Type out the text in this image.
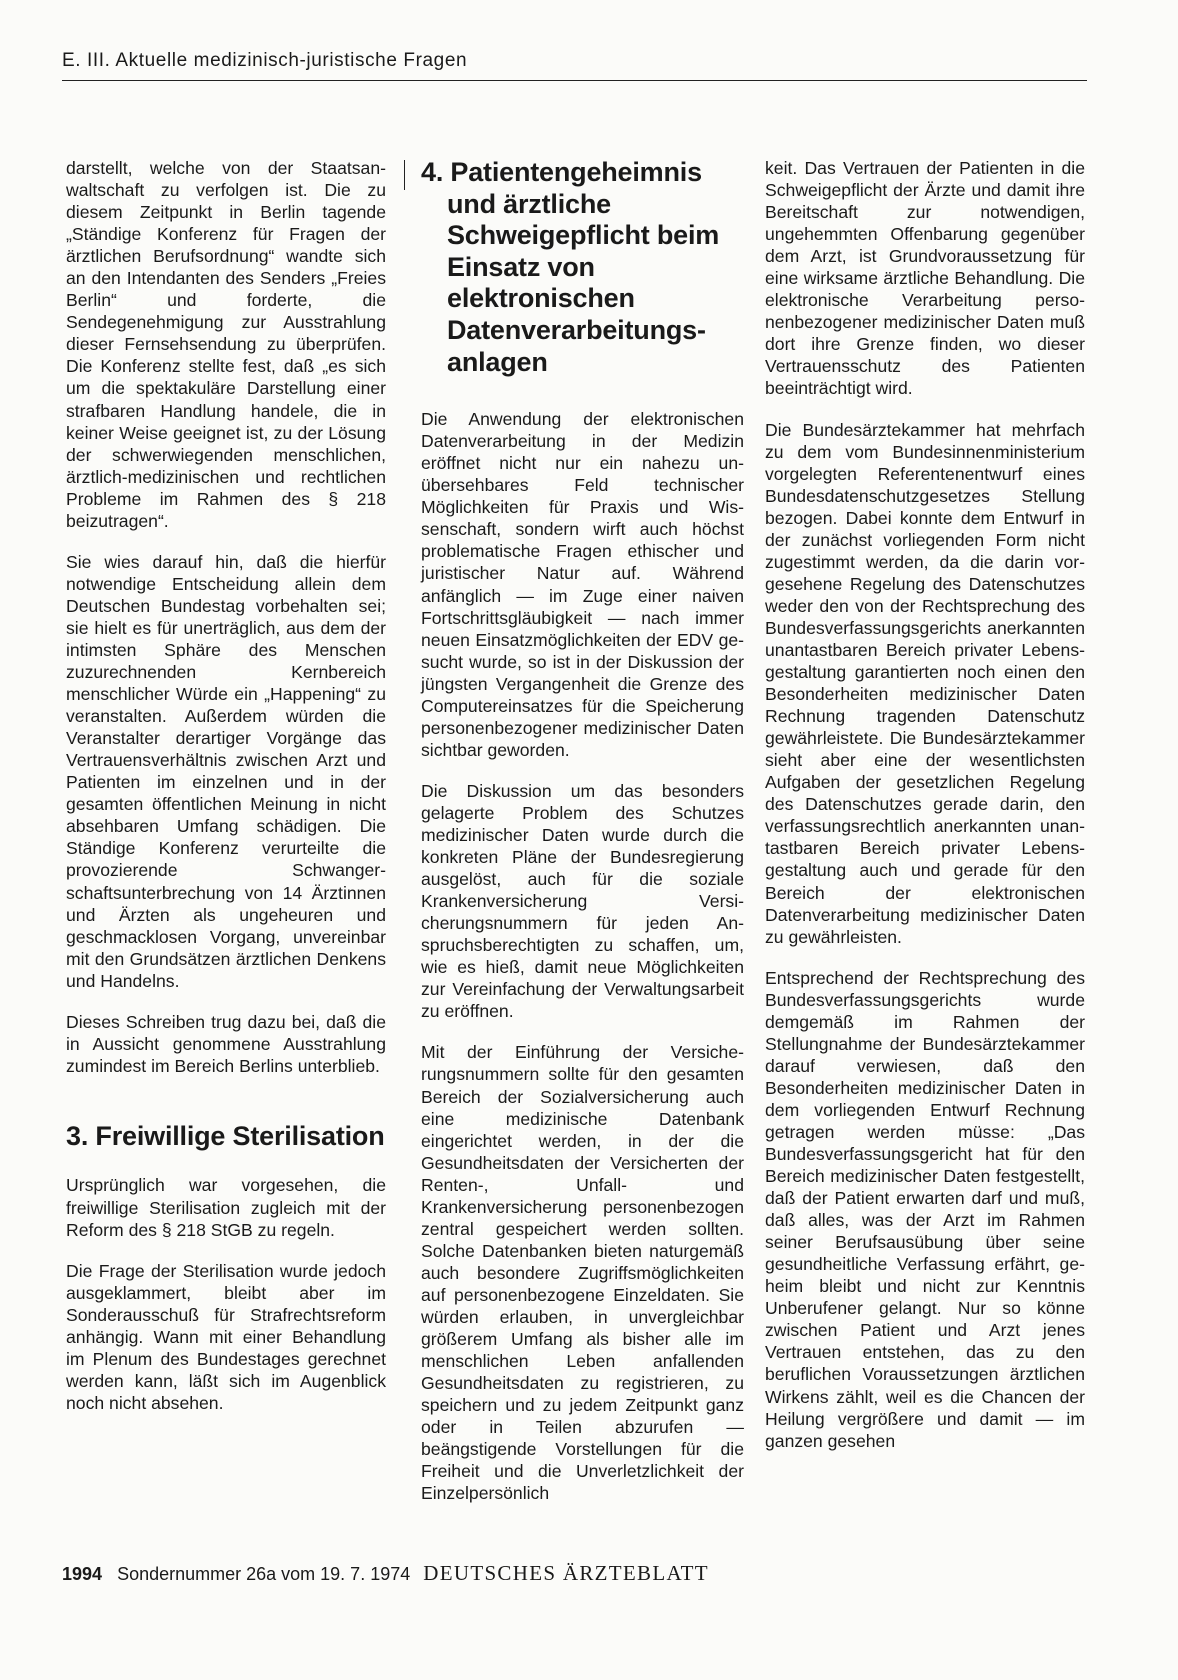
E. III. Aktuelle medizinisch-juristische Fragen

darstellt, welche von der Staatsanwaltschaft zu verfolgen ist. Die zu diesem Zeitpunkt in Berlin tagende „Ständige Konferenz für Fragen der ärztlichen Berufsordnung“ wandte sich an den Intendanten des Senders „Freies Berlin“ und forderte, die Sendegenehmigung zur Ausstrahlung dieser Fernsehsendung zu überprüfen. Die Konferenz stellte fest, daß „es sich um die spektakuläre Darstellung einer strafbaren Handlung handele, die in keiner Weise geeignet ist, zu der Lösung der schwerwiegenden menschlichen, ärztlich-medizinischen und rechtlichen Probleme im Rahmen des § 218 beizutragen“.

Sie wies darauf hin, daß die hierfür notwendige Entscheidung allein dem Deutschen Bundestag vorbehalten sei; sie hielt es für unerträglich, aus dem der intimsten Sphäre des Menschen zuzurechnenden Kernbereich menschlicher Würde ein „Happening“ zu veranstalten. Außerdem würden die Veranstalter derartiger Vorgänge das Vertrauensverhältnis zwischen Arzt und Patienten im einzelnen und in der gesamten öffentlichen Meinung in nicht absehbaren Umfang schädigen. Die Ständige Konferenz verurteilte die provozierende Schwangerschaftsunterbrechung von 14 Ärztinnen und Ärzten als ungeheuren und geschmacklosen Vorgang, unvereinbar mit den Grundsätzen ärztlichen Denkens und Handelns.

Dieses Schreiben trug dazu bei, daß die in Aussicht genommene Ausstrahlung zumindest im Bereich Berlins unterblieb.

3. Freiwillige Sterilisation

Ursprünglich war vorgesehen, die freiwillige Sterilisation zugleich mit der Reform des § 218 StGB zu regeln.

Die Frage der Sterilisation wurde jedoch ausgeklammert, bleibt aber im Sonderausschuß für Strafrechtsreform anhängig. Wann mit einer Behandlung im Plenum des Bundestages gerechnet werden kann, läßt sich im Augenblick noch nicht absehen.

4. Patientengeheimnis und ärztliche Schweigepflicht beim Einsatz von elektronischen Datenverarbeitungsanlagen

Die Anwendung der elektronischen Datenverarbeitung in der Medizin eröffnet nicht nur ein nahezu unübersehbares Feld technischer Möglichkeiten für Praxis und Wissenschaft, sondern wirft auch höchst problematische Fragen ethischer und juristischer Natur auf. Während anfänglich — im Zuge einer naiven Fortschrittsgläubigkeit — nach immer neuen Einsatzmöglichkeiten der EDV gesucht wurde, so ist in der Diskussion der jüngsten Vergangenheit die Grenze des Computereinsatzes für die Speicherung personenbezogener medizinischer Daten sichtbar geworden.

Die Diskussion um das besonders gelagerte Problem des Schutzes medizinischer Daten wurde durch die konkreten Pläne der Bundesregierung ausgelöst, auch für die soziale Krankenversicherung Versicherungsnummern für jeden Anspruchsberechtigten zu schaffen, um, wie es hieß, damit neue Möglichkeiten zur Vereinfachung der Verwaltungsarbeit zu eröffnen.

Mit der Einführung der Versicherungsnummern sollte für den gesamten Bereich der Sozialversicherung auch eine medizinische Datenbank eingerichtet werden, in der die Gesundheitsdaten der Versicherten der Renten-, Unfall- und Krankenversicherung personenbezogen zentral gespeichert werden sollten. Solche Datenbanken bieten naturgemäß auch besondere Zugriffsmöglichkeiten auf personenbezogene Einzeldaten. Sie würden erlauben, in unvergleichbar größerem Umfang als bisher alle im menschlichen Leben anfallenden Gesundheitsdaten zu registrieren, zu speichern und zu jedem Zeitpunkt ganz oder in Teilen abzurufen — beängstigende Vorstellungen für die Freiheit und die Unverletzlichkeit der Einzelpersönlich

keit. Das Vertrauen der Patienten in die Schweigepflicht der Ärzte und damit ihre Bereitschaft zur notwendigen, ungehemmten Offenbarung gegenüber dem Arzt, ist Grundvoraussetzung für eine wirksame ärztliche Behandlung. Die elektronische Verarbeitung personenbezogener medizinischer Daten muß dort ihre Grenze finden, wo dieser Vertrauensschutz des Patienten beeinträchtigt wird.

Die Bundesärztekammer hat mehrfach zu dem vom Bundesinnenministerium vorgelegten Referentenentwurf eines Bundesdatenschutzgesetzes Stellung bezogen. Dabei konnte dem Entwurf in der zunächst vorliegenden Form nicht zugestimmt werden, da die darin vorgesehene Regelung des Datenschutzes weder den von der Rechtsprechung des Bundesverfassungsgerichts anerkannten unantastbaren Bereich privater Lebensgestaltung garantierten noch einen den Besonderheiten medizinischer Daten Rechnung tragenden Datenschutz gewährleistete. Die Bundesärztekammer sieht aber eine der wesentlichsten Aufgaben der gesetzlichen Regelung des Datenschutzes gerade darin, den verfassungsrechtlich anerkannten unantastbaren Bereich privater Lebensgestaltung auch und gerade für den Bereich der elektronischen Datenverarbeitung medizinischer Daten zu gewährleisten.

Entsprechend der Rechtsprechung des Bundesverfassungsgerichts wurde demgemäß im Rahmen der Stellungnahme der Bundesärztekammer darauf verwiesen, daß den Besonderheiten medizinischer Daten in dem vorliegenden Entwurf Rechnung getragen werden müsse: „Das Bundesverfassungsgericht hat für den Bereich medizinischer Daten festgestellt, daß der Patient erwarten darf und muß, daß alles, was der Arzt im Rahmen seiner Berufsausübung über seine gesundheitliche Verfassung erfährt, geheim bleibt und nicht zur Kenntnis Unberufener gelangt. Nur so könne zwischen Patient und Arzt jenes Vertrauen entstehen, das zu den beruflichen Voraussetzungen ärztlichen Wirkens zählt, weil es die Chancen der Heilung vergrößere und damit — im ganzen gesehen

1994 Sondernummer 26a vom 19. 7. 1974 DEUTSCHES ÄRZTEBLATT
